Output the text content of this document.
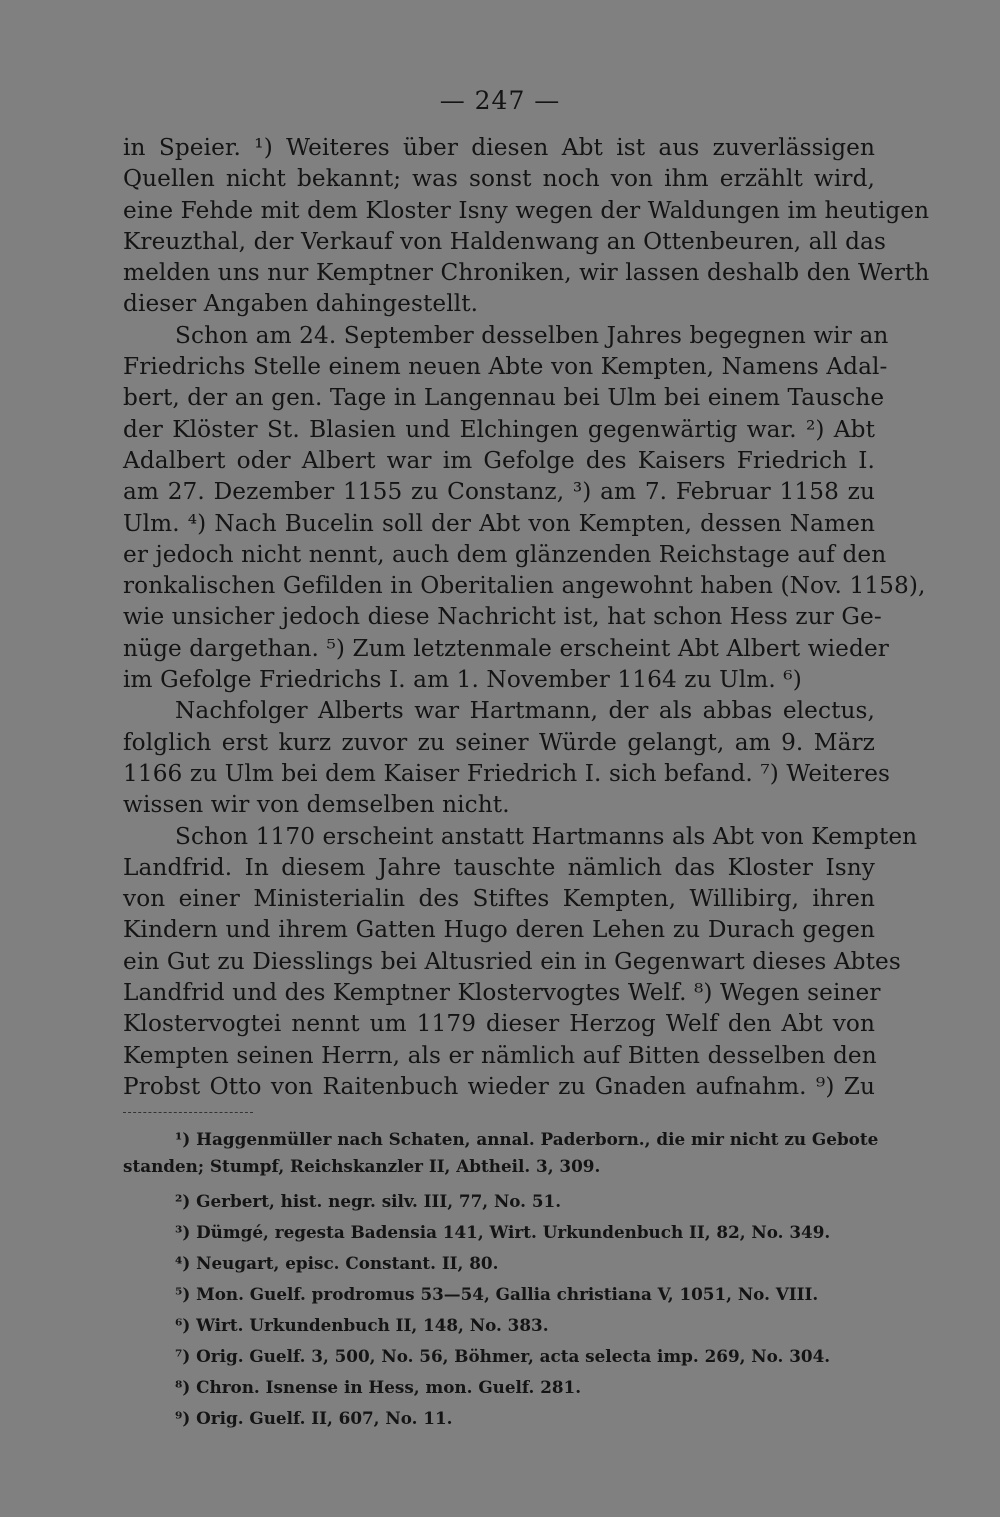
— 247 —
in Speier. ¹) Weiteres über diesen Abt ist aus zuverlässigen
Quellen nicht bekannt; was sonst noch von ihm erzählt wird,
eine Fehde mit dem Kloster Isny wegen der Waldungen im heutigen
Kreuzthal, der Verkauf von Haldenwang an Ottenbeuren, all das
melden uns nur Kemptner Chroniken, wir lassen deshalb den Werth
dieser Angaben dahingestellt.
Schon am 24. September desselben Jahres begegnen wir an
Friedrichs Stelle einem neuen Abte von Kempten, Namens Adal-
bert, der an gen. Tage in Langennau bei Ulm bei einem Tausche
der Klöster St. Blasien und Elchingen gegenwärtig war. ²) Abt
Adalbert oder Albert war im Gefolge des Kaisers Friedrich I.
am 27. Dezember 1155 zu Constanz, ³) am 7. Februar 1158 zu
Ulm. ⁴) Nach Bucelin soll der Abt von Kempten, dessen Namen
er jedoch nicht nennt, auch dem glänzenden Reichstage auf den
ronkalischen Gefilden in Oberitalien angewohnt haben (Nov. 1158),
wie unsicher jedoch diese Nachricht ist, hat schon Hess zur Ge-
nüge dargethan. ⁵) Zum letztenmale erscheint Abt Albert wieder
im Gefolge Friedrichs I. am 1. November 1164 zu Ulm. ⁶)
Nachfolger Alberts war Hartmann, der als abbas electus,
folglich erst kurz zuvor zu seiner Würde gelangt, am 9. März
1166 zu Ulm bei dem Kaiser Friedrich I. sich befand. ⁷) Weiteres
wissen wir von demselben nicht.
Schon 1170 erscheint anstatt Hartmanns als Abt von Kempten
Landfrid. In diesem Jahre tauschte nämlich das Kloster Isny
von einer Ministerialin des Stiftes Kempten, Willibirg, ihren
Kindern und ihrem Gatten Hugo deren Lehen zu Durach gegen
ein Gut zu Diesslings bei Altusried ein in Gegenwart dieses Abtes
Landfrid und des Kemptner Klostervogtes Welf. ⁸) Wegen seiner
Klostervogtei nennt um 1179 dieser Herzog Welf den Abt von
Kempten seinen Herrn, als er nämlich auf Bitten desselben den
Probst Otto von Raitenbuch wieder zu Gnaden aufnahm. ⁹) Zu
¹) Haggenmüller nach Schaten, annal. Paderborn., die mir nicht zu Gebote
standen; Stumpf, Reichskanzler II, Abtheil. 3, 309.
²) Gerbert, hist. negr. silv. III, 77, No. 51.
³) Dümgé, regesta Badensia 141, Wirt. Urkundenbuch II, 82, No. 349.
⁴) Neugart, episc. Constant. II, 80.
⁵) Mon. Guelf. prodromus 53—54, Gallia christiana V, 1051, No. VIII.
⁶) Wirt. Urkundenbuch II, 148, No. 383.
⁷) Orig. Guelf. 3, 500, No. 56, Böhmer, acta selecta imp. 269, No. 304.
⁸) Chron. Isnense in Hess, mon. Guelf. 281.
⁹) Orig. Guelf. II, 607, No. 11.
